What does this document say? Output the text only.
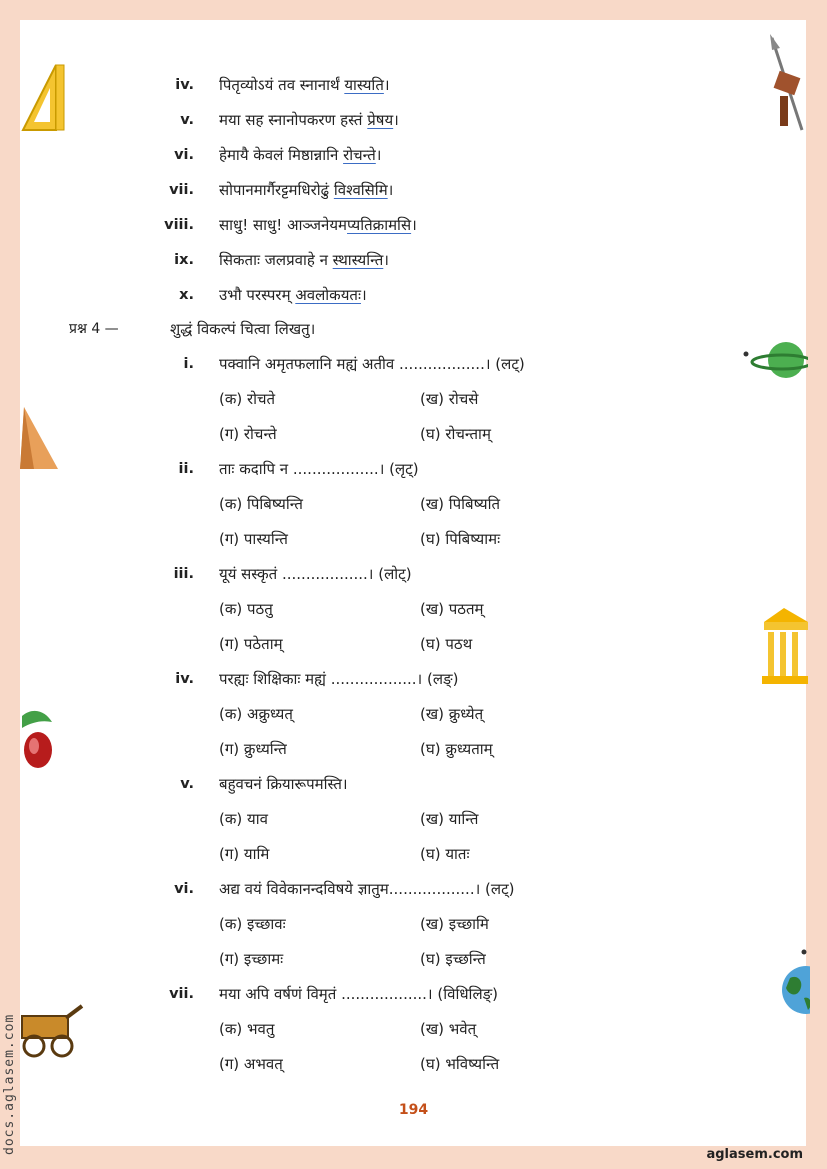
iv. पितृव्योऽयं तव स्नानार्थं यास्यति।
v. मया सह स्नानोपकरण हस्तं प्रेषय।
vi. हेमायै केवलं मिष्ठान्नानि रोचन्ते।
vii. सोपानमार्गैरट्टमधिरोढुं विश्वसिमि।
viii. साधु! साधु! आञ्जनेयमप्यतिक्रामसि।
ix. सिकताः जलप्रवाहे न स्थास्यन्ति।
x. उभौ परस्परम् अवलोकयतः।
प्रश्न 4 —	शुद्धं विकल्पं चित्वा लिखतु।
i. पक्वानि अमृतफलानि मह्यं अतीव ..................। (लट्)
(क) रोचते	(ख) रोचसे
(ग) रोचन्ते	(घ) रोचन्ताम्
ii. ताः कदापि न ..................। (लृट्)
(क) पिबिष्यन्ति	(ख) पिबिष्यति
(ग) पास्यन्ति	(घ) पिबिष्यामः
iii. यूयं सस्कृतं ..................। (लोट्)
(क) पठतु	(ख) पठतम्
(ग) पठेताम्	(घ) पठथ
iv. परह्यः शिक्षिकाः मह्यं ..................। (लङ्)
(क) अक्रुध्यत्	(ख) क्रुध्येत्
(ग) क्रुध्यन्ति	(घ) क्रुध्यताम्
v. बहुवचनं क्रियारूपमस्ति।
(क) याव	(ख) यान्ति
(ग) यामि	(घ) यातः
vi. अद्य वयं विवेकानन्दविषये ज्ञातुम..................। (लट्)
(क) इच्छावः	(ख) इच्छामि
(ग) इच्छामः	(घ) इच्छन्ति
vii. मया अपि वर्षणं विमृतं ..................। (विधिलिङ्)
(क) भवतु	(ख) भवेत्
(ग) अभवत्	(घ) भविष्यन्ति
194
aglasem.com
docs.aglasem.com
